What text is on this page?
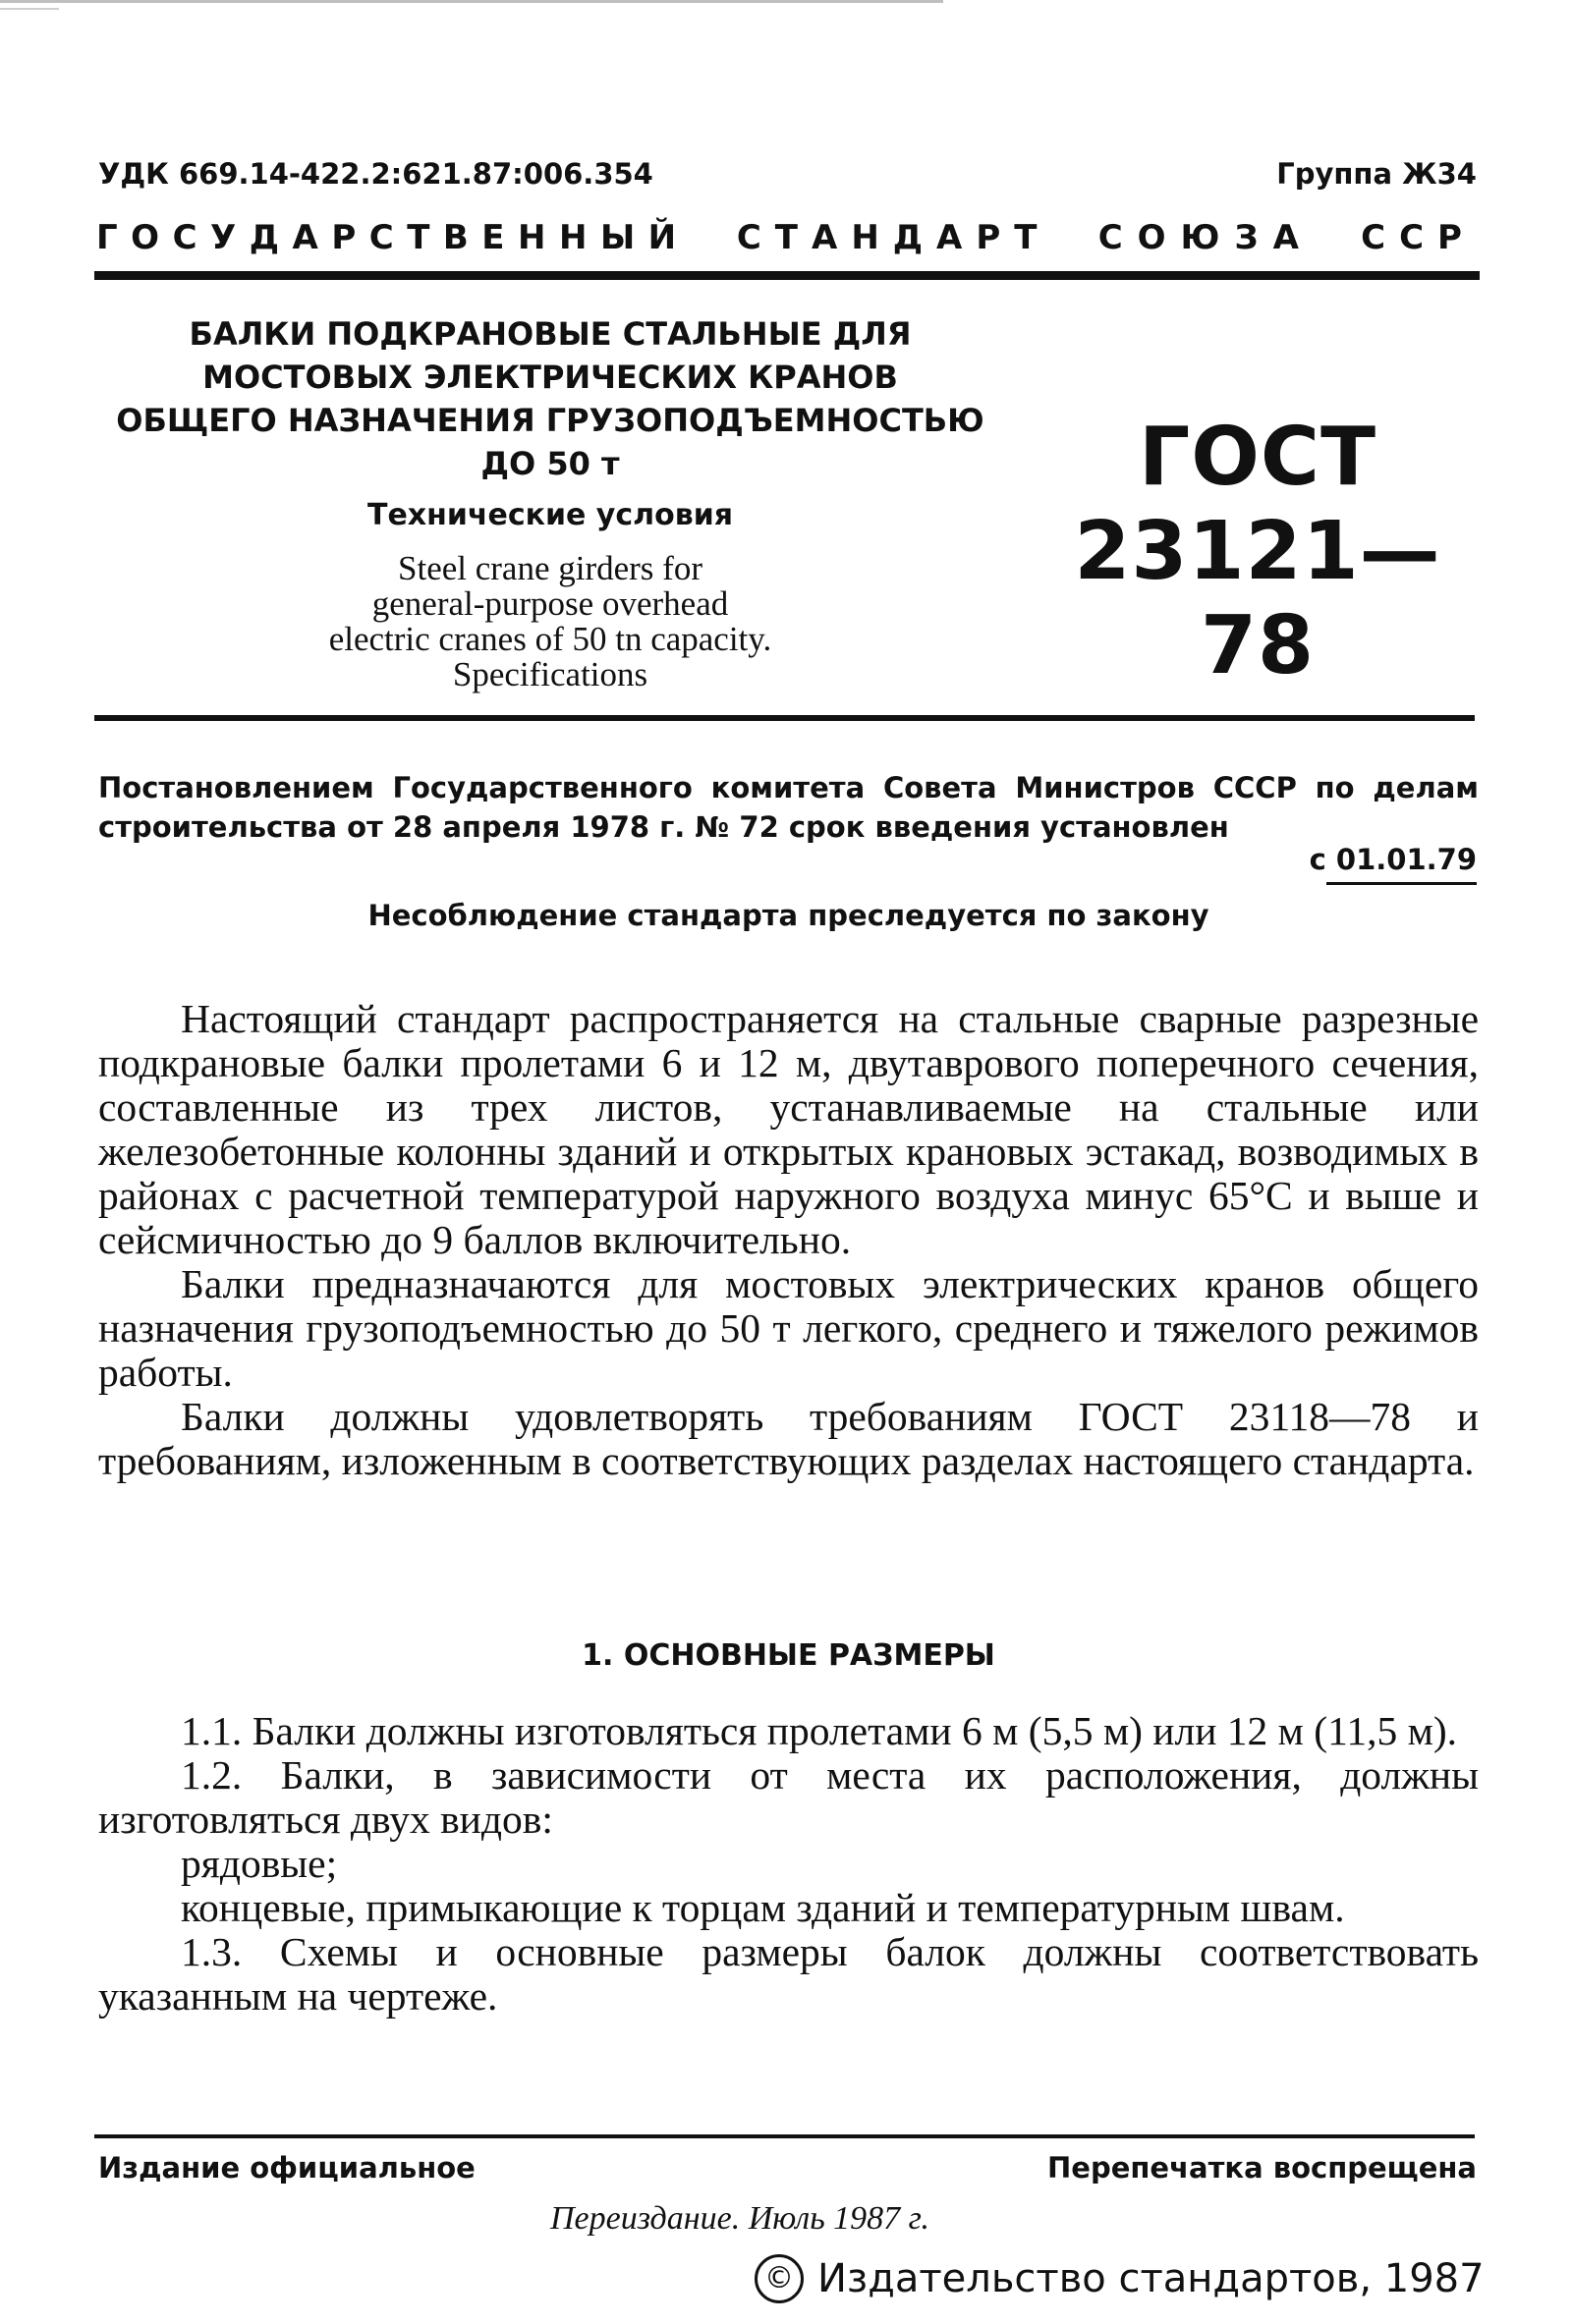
УДК 669.14-422.2:621.87:006.354	Группа Ж34
ГОСУДАРСТВЕННЫЙ СТАНДАРТ СОЮЗА ССР
БАЛКИ ПОДКРАНОВЫЕ СТАЛЬНЫЕ ДЛЯ
МОСТОВЫХ ЭЛЕКТРИЧЕСКИХ КРАНОВ
ОБЩЕГО НАЗНАЧЕНИЯ ГРУЗОПОДЪЕМНОСТЬЮ
ДО 50 т
Технические условия
Steel crane girders for
general-purpose overhead
electric cranes of 50 tn capacity.
Specifications
ГОСТ
23121—78
Постановлением Государственного комитета Совета Министров СССР по делам строительства от 28 апреля 1978 г. № 72 срок введения установлен
с 01.01.79
Несоблюдение стандарта преследуется по закону

Настоящий стандарт распространяется на стальные сварные разрезные подкрановые балки пролетами 6 и 12 м, двутаврового поперечного сечения, составленные из трех листов, устанавливаемые на стальные или железобетонные колонны зданий и открытых крановых эстакад, возводимых в районах с расчетной температурой наружного воздуха минус 65°С и выше и сейсмичностью до 9 баллов включительно.

Балки предназначаются для мостовых электрических кранов общего назначения грузоподъемностью до 50 т легкого, среднего и тяжелого режимов работы.

Балки должны удовлетворять требованиям ГОСТ 23118—78 и требованиям, изложенным в соответствующих разделах настоящего стандарта.

1. ОСНОВНЫЕ РАЗМЕРЫ

1.1. Балки должны изготовляться пролетами 6 м (5,5 м) или 12 м (11,5 м).

1.2. Балки, в зависимости от места их расположения, должны изготовляться двух видов:

рядовые;

концевые, примыкающие к торцам зданий и температурным швам.

1.3. Схемы и основные размеры балок должны соответствовать указанным на чертеже.

Издание официальное	Перепечатка воспрещена
Переиздание. Июль 1987 г.
© Издательство стандартов, 1987
